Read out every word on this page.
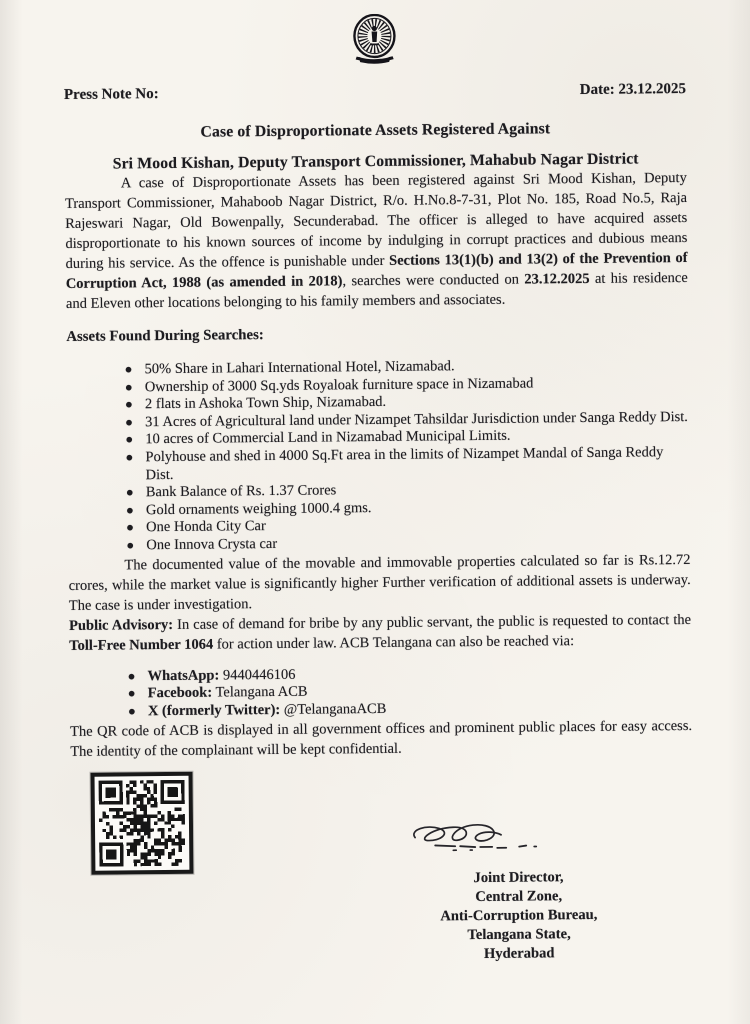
Press Note No:	Date: 23.12.2025
Case of Disproportionate Assets Registered Against
Sri Mood Kishan, Deputy Transport Commissioner, Mahabub Nagar District

A case of Disproportionate Assets has been registered against Sri Mood Kishan, Deputy Transport Commissioner, Mahaboob Nagar District, R/o. H.No.8-7-31, Plot No. 185, Road No.5, Raja Rajeswari Nagar, Old Bowenpally, Secunderabad. The officer is alleged to have acquired assets disproportionate to his known sources of income by indulging in corrupt practices and dubious means during his service. As the offence is punishable under Sections 13(1)(b) and 13(2) of the Prevention of Corruption Act, 1988 (as amended in 2018), searches were conducted on 23.12.2025 at his residence and Eleven other locations belonging to his family members and associates.

Assets Found During Searches:
● 50% Share in Lahari International Hotel, Nizamabad.
● Ownership of 3000 Sq.yds Royaloak furniture space in Nizamabad
● 2 flats in Ashoka Town Ship, Nizamabad.
● 31 Acres of Agricultural land under Nizampet Tahsildar Jurisdiction under Sanga Reddy Dist.
● 10 acres of Commercial Land in Nizamabad Municipal Limits.
● Polyhouse and shed in 4000 Sq.Ft area in the limits of Nizampet Mandal of Sanga Reddy Dist.
● Bank Balance of Rs. 1.37 Crores
● Gold ornaments weighing 1000.4 gms.
● One Honda City Car
● One Innova Crysta car

The documented value of the movable and immovable properties calculated so far is Rs.12.72 crores, while the market value is significantly higher Further verification of additional assets is underway. The case is under investigation.

Public Advisory: In case of demand for bribe by any public servant, the public is requested to contact the Toll-Free Number 1064 for action under law. ACB Telangana can also be reached via:

● WhatsApp: 9440446106
● Facebook: Telangana ACB
● X (formerly Twitter): @TelanganaACB

The QR code of ACB is displayed in all government offices and prominent public places for easy access. The identity of the complainant will be kept confidential.

Joint Director,
Central Zone,
Anti-Corruption Bureau,
Telangana State,
Hyderabad
